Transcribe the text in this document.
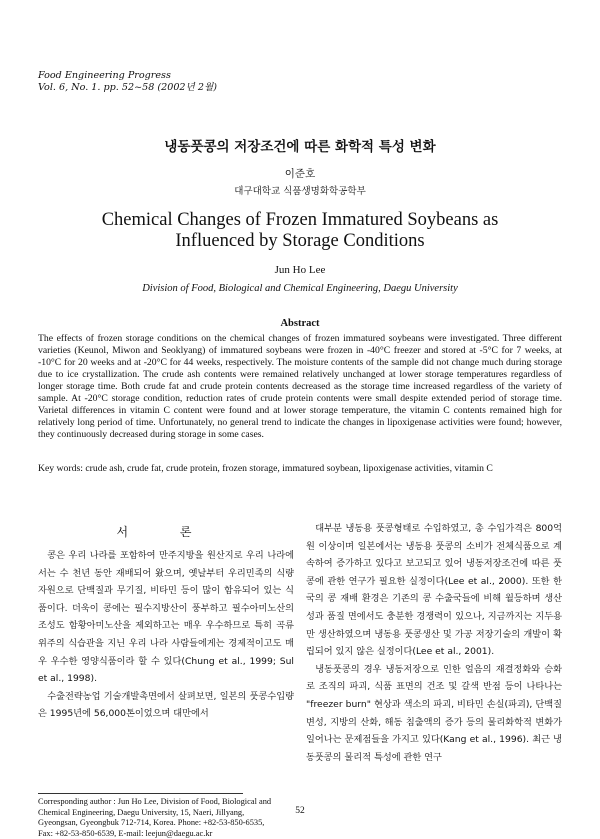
Food Engineering Progress
Vol. 6, No. 1. pp. 52~58 (2002년 2월)
냉동풋콩의 저장조건에 따른 화학적 특성 변화
이준호
대구대학교 식품생명화학공학부
Chemical Changes of Frozen Immatured Soybeans as Influenced by Storage Conditions
Jun Ho Lee
Division of Food, Biological and Chemical Engineering, Daegu University
Abstract
The effects of frozen storage conditions on the chemical changes of frozen immatured soybeans were investigated. Three different varieties (Keunol, Miwon and Seoklyang) of immatured soybeans were frozen in -40°C freezer and stored at -5°C for 7 weeks, at -10°C for 20 weeks and at -20°C for 44 weeks, respectively. The moisture contents of the sample did not change much during storage due to ice crystallization. The crude ash contents were remained relatively unchanged at lower storage temperatures regardless of longer storage time. Both crude fat and crude protein contents decreased as the storage time increased regardless of the variety of sample. At -20°C storage condition, reduction rates of crude protein contents were small despite extended period of storage time. Varietal differences in vitamin C content were found and at lower storage temperature, the vitamin C contents remained high for relatively long period of time. Unfortunately, no general trend to indicate the changes in lipoxigenase activities were found; however, they continuously decreased during storage in some cases.
Key words: crude ash, crude fat, crude protein, frozen storage, immatured soybean, lipoxigenase activities, vitamin C
서 론

콩은 우리 나라를 포함하여 만주지방을 원산지로 우리 나라에서는 수 천년 동안 재배되어 왔으며, 옛날부터 우리민족의 식량자원으로 단백질과 무기질, 비타민 등이 많이 함유되어 있는 식품이다. 더욱이 콩에는 필수지방산이 풍부하고 필수아미노산의 조성도 함황아미노산을 제외하고는 매우 우수하므로 특히 곡류위주의 식습관을 지닌 우리 나라 사람들에게는 경제적이고도 매우 우수한 영양식품이라 할 수 있다(Chung et al., 1999; Sul et al., 1998).

수출전략농업 기술개발촉면에서 살펴보면, 일본의 풋콩수입량은 1995년에 56,000톤이었으며 대만에서

대부분 냉동용 풋콩형태로 수입하였고, 총 수입가격은 800억 원 이상이며 일본에서는 냉동용 풋콩의 소비가 전체식품으로 계속하여 증가하고 있다고 보고되고 있어 냉동저장조건에 따른 풋콩에 관한 연구가 필요한 실정이다(Lee et al., 2000). 또한 한국의 콩 재배 환경은 기존의 콩 수출국들에 비해 월등하며 생산성과 품질 면에서도 충분한 경쟁력이 있으나, 지금까지는 지두용만 생산하였으며 냉동용 풋콩생산 및 가공 저장기술의 개발이 확립되어 있지 않은 실정이다(Lee et al., 2001).

냉동풋콩의 경우 냉동저장으로 인한 얼음의 재결정화와 승화로 조직의 파괴, 식품 표면의 건조 및 갈색 반점 등이 나타나는 "freezer burn" 현상과 색소의 파괴, 비타민 손실(파괴), 단백질 변성, 지방의 산화, 해동 침출액의 증가 등의 물리화학적 변화가 일어나는 문제점들을 가지고 있다(Kang et al., 1996). 최근 냉동풋콩의 물리적 특성에 관한 연구

Corresponding author : Jun Ho Lee, Division of Food, Biological and Chemical Engineering, Daegu University, 15, Naeri, Jillyang, Gyeongsan, Gyeongbuk 712-714, Korea. Phone: +82-53-850-6535, Fax: +82-53-850-6539, E-mail: leejun@daegu.ac.kr
52
